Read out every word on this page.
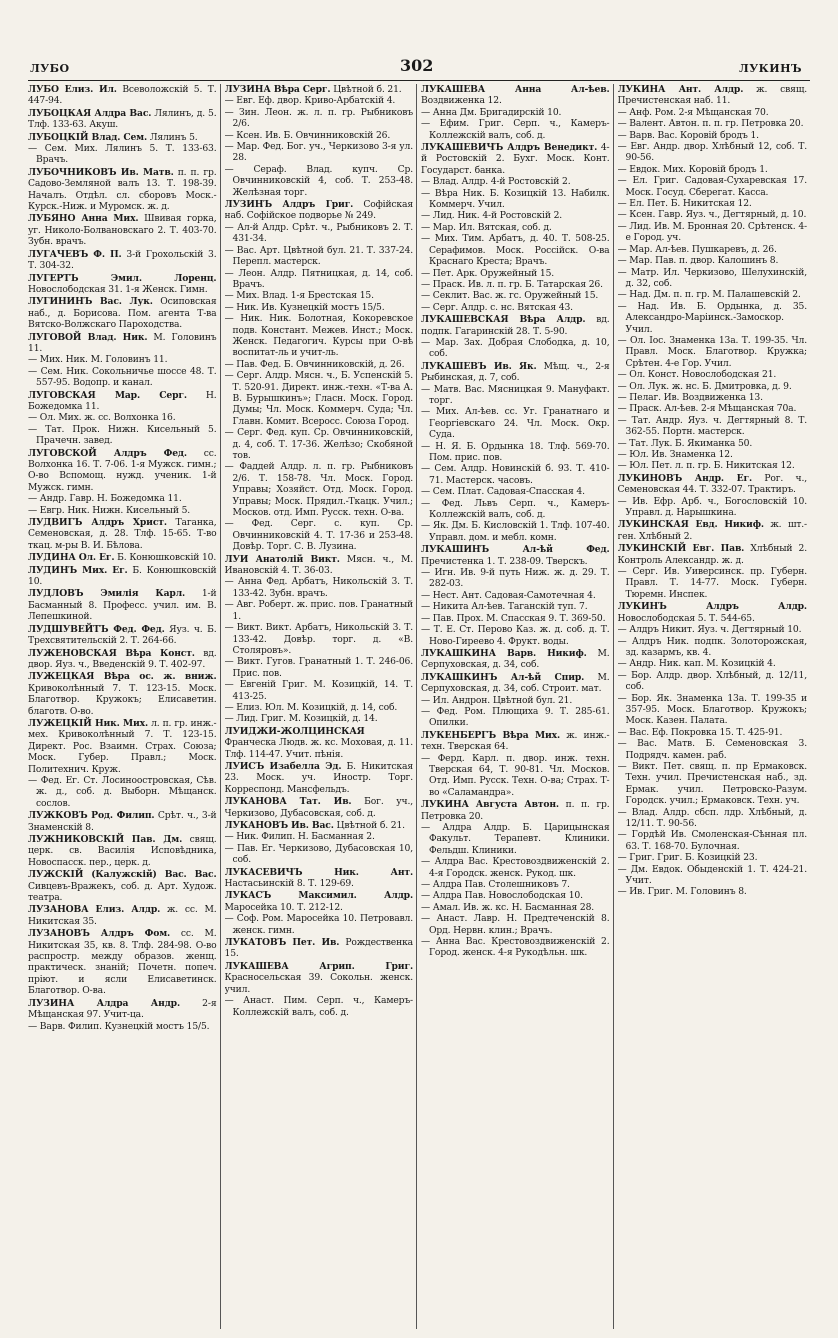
ЛУБО	302	ЛУКИНЪ
ЛУБО Елиз. Ил. Всеволожскій 5. Т. 447-94.
ЛУБОЦКАЯ Алдра Вас. Лялинъ, д. 5. Тлф. 133-63. Акуш.
ЛУБОЦКІЙ Влад. Сем. Лялинъ 5.
— Сем. Мих. Лялинъ 5. Т. 133-63. Врачъ.
ЛУБОЧНИКОВЪ Ив. Матв. п. п. гр. Садово-Земляной валъ 13. Т. 198-39. Началъ. Отдѣл. сл. сборовъ Моск.-Курск.-Ниж. и Муромск. ж. д.
ЛУБЯНО Анна Мих. Швивая горка, уг. Николо-Болвановскаго 2. Т. 403-70. Зубн. врачъ.
ЛУГАЧЕВЪ Ф. П. 3-й Грохольскій 3. Т. 304-32.
ЛУГЕРТЪ Эмил. Лоренц. Новослободская 31. 1-я Женск. Гимн.
ЛУГИНИНЪ Вас. Лук. Осиповская наб., д. Борисова. Пом. агента Т-ва Вятско-Волжскаго Пароходства.
ЛУГОВОЙ Влад. Ник. М. Головинъ 11.
— Мих. Ник. М. Головинъ 11.
— Сем. Ник. Сокольничье шоссе 48. Т. 557-95. Водопр. и канал.
ЛУГОВСКАЯ Мар. Серг. Н. Божедомка 11.
— Ол. Мих. ж. сс. Волхонка 16.
— Тат. Прок. Нижн. Кисельный 5. Прачечн. завед.
ЛУГОВСКОЙ Алдръ Фед. сс. Волхонка 16. Т. 7-06. 1-я Мужск. гимн.; О-во Вспомощ. нужд. ученик. 1-й Мужск. гимн.
— Андр. Гавр. Н. Божедомка 11.
— Евгр. Ник. Нижн. Кисельный 5.
ЛУДВИГЪ Алдръ Христ. Таганка, Семеновская, д. 28. Тлф. 15-65. Т-во ткац. м-ры В. И. Бѣлова.
ЛУДИНА Ол. Ег. Б. Конюшковскій 10.
ЛУДИНЪ Мих. Ег. Б. Конюшковскій 10.
ЛУДЛОВЪ Эмилія Карл. 1-й Басманный 8. Професс. учил. им. В. Лепешкиной.
ЛУДШУВЕЙТЪ Фед. Фед. Яуз. ч. Б. Трехсвятительскій 2. Т. 264-66.
ЛУЖЕНОВСКАЯ Вѣра Конст. вд. двор. Яуз. ч., Введенскій 9. Т. 402-97.
ЛУЖЕЦКАЯ Вѣра ос. ж. вниж. Кривоколѣнный 7. Т. 123-15. Моск. Благотвор. Кружокъ; Елисаветин. благотв. О-во.
ЛУЖЕЦКІЙ Ник. Мих. л. п. гр. инж.-мех. Кривоколѣнный 7. Т. 123-15. Директ. Рос. Взаимн. Страх. Союза; Моск. Губер. Правл.; Моск. Политехнич. Круж.
— Фед. Ег. Ст. Лосиноостровская, Сѣв. ж. д., соб. д. Выборн. Мѣщанск. сослов.
ЛУЖКОВЪ Род. Филип. Срѣт. ч., 3-й Знаменскій 8.
ЛУЖНИКОВСКІЙ Пав. Дм. свящ. церк. св. Василія Исповѣдника, Новоспасск. пер., церк. д.
ЛУЖСКІЙ (Калужскій) Вас. Вас. Сивцевъ-Вражекъ, соб. д. Арт. Худож. театра.
ЛУЗАНОВА Елиз. Алдр. ж. сс. М. Никитская 35.
ЛУЗАНОВЪ Алдръ Фом. сс. М. Никитская 35, кв. 8. Тлф. 284-98. О-во распростр. между образов. женщ. практическ. знаній; Почетн. попеч. пріют. и ясли Елисаветинск. Благотвор. О-ва.
ЛУЗИНА Алдра Андр. 2-я Мѣщанская 97. Учит-ца.
— Варв. Филип. Кузнецкій мостъ 15/5.
ЛУЗИНА Вѣра Серг. Цвѣтной б. 21.
— Евг. Еф. двор. Криво-Арбатскій 4.
— Зин. Леон. ж. л. п. гр. Рыбниковъ 2/6.
— Ксен. Ив. Б. Овчинниковскій 26.
— Мар. Фед. Бог. уч., Черкизово 3-я ул. 28.
— Сераф. Влад. купч. Ср. Овчинниковскій 4, соб. Т. 253-48. Желѣзная торг.
ЛУЗИНЪ Алдръ Григ. Софійская наб. Софійское подворье № 249.
— Ал-й Алдр. Срѣт. ч., Рыбниковъ 2. Т. 431-34.
— Вас. Арт. Цвѣтной бул. 21. Т. 337-24. Перепл. мастерск.
— Леон. Алдр. Пятницкая, д. 14, соб. Врачъ.
— Мих. Влад. 1-я Брестская 15.
— Ник. Ив. Кузнецкій мостъ 15/5.
— Ник. Ник. Болотная, Кокоревское подв. Констант. Межев. Инст.; Моск. Женск. Педагогич. Курсы при О-вѣ воспитат-ль и учит-ль.
— Пав. Фед. Б. Овчинниковскій, д. 26.
— Серг. Алдр. Мясн. ч., Б. Успенскій 5. Т. 520-91. Директ. инж.-техн. «Т-ва А. В. Бурышкинъ»; Гласн. Моск. Город. Думы; Чл. Моск. Коммерч. Суда; Чл. Главн. Комит. Всеросс. Союза Город.
— Серг. Фед. куп. Ср. Овчинниковскій, д. 4, соб. Т. 17-36. Желѣзо; Скобяной тов.
— Фаддей Алдр. л. п. гр. Рыбниковъ 2/6. Т. 158-78. Чл. Моск. Город. Управы; Хозяйст. Отд. Моск. Город. Управы; Моск. Прядил.-Ткацк. Учил.; Москов. отд. Имп. Русск. техн. О-ва.
— Фед. Серг. с. куп. Ср. Овчинниковскій 4. Т. 17-36 и 253-48. Довѣр. Торг. С. В. Лузина.
ЛУИ Анатолій Викт. Мясн. ч., М. Ивановскій 4. Т. 36-03.
— Анна Фед. Арбатъ, Никольскій 3. Т. 133-42. Зубн. врачъ.
— Авг. Роберт. ж. прис. пов. Гранатный 1.
— Викт. Викт. Арбатъ, Никольскій 3. Т. 133-42. Довѣр. торг. д. «В. Столяровъ».
— Викт. Гугов. Гранатный 1. Т. 246-06. Прис. пов.
— Евгеній Григ. М. Козицкій, 14. Т. 413-25.
— Елиз. Юл. М. Козицкій, д. 14, соб.
— Лид. Григ. М. Козицкій, д. 14.
ЛУИДЖИ-ЖОЛЦИНСКАЯ Франческа Людв. ж. кс. Моховая, д. 11. Тлф. 114-47. Учит. пѣнія.
ЛУИСЪ Изабелла Эд. Б. Никитская 23. Моск. уч. Иностр. Торг. Корреспонд. Мансфельдъ.
ЛУКАНОВА Тат. Ив. Бог. уч., Черкизово, Дубасовская, соб. д.
ЛУКАНОВЪ Ив. Вас. Цвѣтной б. 21.
— Ник. Филип. Н. Басманная 2.
— Пав. Ег. Черкизово, Дубасовская 10, соб.
ЛУКАСЕВИЧЪ Ник. Ант. Настасьинскій 8. Т. 129-69.
ЛУКАСЪ Максимил. Алдр. Маросейка 10. Т. 212-12.
— Соф. Ром. Маросейка 10. Петровавл. женск. гимн.
ЛУКАТОВЪ Пет. Ив. Рождественка 15.
ЛУКАШЕВА Агрип. Григ. Красносельская 39. Сокольн. женск. учил.
— Анаст. Пим. Серп. ч., Камеръ-Коллежскій валъ, соб. д.
ЛУКАШЕВА Анна Ал-ѣев. Воздвиженка 12.
— Анна Дм. Бригадирскій 10.
— Ефим. Григ. Серп. ч., Камеръ-Коллежскій валъ, соб. д.
ЛУКАШЕВИЧЪ Алдръ Венедикт. 4-й Ростовскій 2. Бухг. Моск. Конт. Государст. банка.
— Влад. Алдр. 4-й Ростовскій 2.
— Вѣра Ник. Б. Козицкій 13. Набилк. Коммерч. Учил.
— Лид. Ник. 4-й Ростовскій 2.
— Мар. Ил. Вятская, соб. д.
— Мих. Тим. Арбатъ, д. 40. Т. 508-25. Серафимов. Моск. Россійск. О-ва Краснаго Креста; Врачъ.
— Пет. Арк. Оружейный 15.
— Праск. Ив. л. п. гр. Б. Татарская 26.
— Секлит. Вас. ж. гс. Оружейный 15.
— Серг. Алдр. с. нс. Вятская 43.
ЛУКАШЕВСКАЯ Вѣра Алдр. вд. подпк. Гагаринскій 28. Т. 5-90.
— Мар. Зах. Добрая Слободка, д. 10, соб.
ЛУКАШЕВЪ Ив. Як. Мѣщ. ч., 2-я Рыбинская, д. 7, соб.
— Матв. Вас. Мясницкая 9. Мануфакт. торг.
— Мих. Ал-ѣев. сс. Уг. Гранатнаго и Георгіевскаго 24. Чл. Моск. Окр. Суда.
— Н. Я. Б. Ордынка 18. Тлф. 569-70. Пом. прис. пов.
— Сем. Алдр. Новинскій б. 93. Т. 410-71. Мастерск. часовъ.
— Сем. Плат. Садовая-Спасская 4.
— Фед. Львъ Серп. ч., Камеръ-Коллежскій валъ, соб. д.
— Як. Дм. Б. Кисловскій 1. Тлф. 107-40. Управл. дом. и мебл. комн.
ЛУКАШИНЪ Ал-ѣй Фед. Пречистенка 1. Т. 238-09. Тверскъ.
— Игн. Ив. 9-й путь Ниж. ж. д. 29. Т. 282-03.
— Нест. Ант. Садовая-Самотечная 4.
— Никита Ал-ѣев. Таганскій туп. 7.
— Пав. Прох. М. Спасская 9. Т. 369-50.
— Т. Е. Ст. Перово Каз. ж. д. соб. д. Т. Ново-Гиреево 4. Фрукт. воды.
ЛУКАШКИНА Варв. Никиф. М. Серпуховская, д. 34, соб.
ЛУКАШКИНЪ Ал-ѣй Спир. М. Серпуховская, д. 34, соб. Строит. мат.
— Ил. Андрон. Цвѣтной бул. 21.
— Фед. Ром. Плющиха 9. Т. 285-61. Опилки.
ЛУКЕНБЕРГЪ Вѣра Мих. ж. инж.-техн. Тверская 64.
— Ферд. Карл. п. двор. инж. техн. Тверская 64, Т. 90-81. Чл. Москов. Отд. Имп. Русск. Техн. О-ва; Страх. Т-во «Саламандра».
ЛУКИНА Августа Автон. п. п. гр. Петровка 20.
— Алдра Алдр. Б. Царицынская Факульт. Терапевт. Клиники. Фельдш. Клиники.
— Алдра Вас. Крестовоздвиженскій 2. 4-я Городск. женск. Рукод. шк.
— Алдра Пав. Столешниковъ 7.
— Алдра Пав. Новослободская 10.
— Амал. Ив. ж. кс. Н. Басманная 28.
— Анаст. Лавр. Н. Предтеченскій 8. Орд. Нервн. клин.; Врачъ.
— Анна Вас. Крестовоздвиженскій 2. Город. женск. 4-я Рукодѣльн. шк.
ЛУКИНА Ант. Алдр. ж. свящ. Пречистенская наб. 11.
— Анф. Ром. 2-я Мѣщанская 70.
— Валент. Автон. п. п. гр. Петровка 20.
— Варв. Вас. Коровій бродъ 1.
— Евг. Андр. двор. Хлѣбный 12, соб. Т. 90-56.
— Евдок. Мих. Коровій бродъ 1.
— Ел. Григ. Садовая-Сухаревская 17. Моск. Госуд. Сберегат. Касса.
— Ел. Пет. Б. Никитская 12.
— Ксен. Гавр. Яуз. ч., Дегтярный, д. 10.
— Лид. Ив. М. Бронная 20. Срѣтенск. 4-е Город. уч.
— Мар. Ал-ѣев. Пушкаревъ, д. 26.
— Мар. Пав. п. двор. Калошинъ 8.
— Матр. Ил. Черкизово, Шелухинскій, д. 32, соб.
— Над. Дм. п. п. гр. М. Палашевскій 2.
— Над. Ив. Б. Ордынка, д. 35. Александро-Маріинск.-Замоскор. Учил.
— Ол. Іос. Знаменка 13а. Т. 199-35. Чл. Правл. Моск. Благотвор. Кружка; Срѣтен. 4-е Гор. Учил.
— Ол. Конст. Новослободская 21.
— Ол. Лук. ж. нс. Б. Дмитровка, д. 9.
— Пелаг. Ив. Воздвиженка 13.
— Праск. Ал-ѣев. 2-я Мѣщанская 70а.
— Тат. Андр. Яуз. ч. Дегтярный 8. Т. 362-55. Портн. мастерск.
— Тат. Лук. Б. Якиманка 50.
— Юл. Ив. Знаменка 12.
— Юл. Пет. л. п. гр. Б. Никитская 12.
ЛУКИНОВЪ Андр. Ег. Рог. ч., Семеновская 44. Т. 332-07. Трактиръ.
— Ив. Ефр. Арб. ч., Богословскій 10. Управл. д. Нарышкина.
ЛУКИНСКАЯ Евд. Никиф. ж. шт.-ген. Хлѣбный 2.
ЛУКИНСКІЙ Евг. Пав. Хлѣбный 2. Контроль Александр. ж. д.
— Серг. Ив. Уиверсинск. пр. Губерн. Правл. Т. 14-77. Моск. Губерн. Тюремн. Инспек.
ЛУКИНЪ Алдръ Алдр. Новослободская 5. Т. 544-65.
— Алдръ Никит. Яуз. ч. Дегтярный 10.
— Алдръ Ник. подпк. Золоторожская, зд. казармъ, кв. 4.
— Андр. Ник. кап. М. Козицкій 4.
— Бор. Алдр. двор. Хлѣбный, д. 12/11, соб.
— Бор. Як. Знаменка 13а. Т. 199-35 и 357-95. Моск. Благотвор. Кружокъ; Моск. Казен. Палата.
— Вас. Еф. Покровка 15. Т. 425-91.
— Вас. Матв. Б. Семеновская 3. Подрядч. камен. раб.
— Викт. Пет. свящ. п. пр Ермаковск. Техн. учил. Пречистенская наб., зд. Ермак. учил. Петровско-Разум. Городск. учил.; Ермаковск. Техн. уч.
— Влад. Алдр. сбсп. лдр. Хлѣбный, д. 12/11. Т. 90-56.
— Гордѣй Ив. Смоленская-Сѣнная пл. 63. Т. 168-70. Булочная.
— Григ. Григ. Б. Козицкій 23.
— Дм. Евдок. Обыденскій 1. Т. 424-21. Учит.
— Ив. Григ. М. Головинъ 8.
